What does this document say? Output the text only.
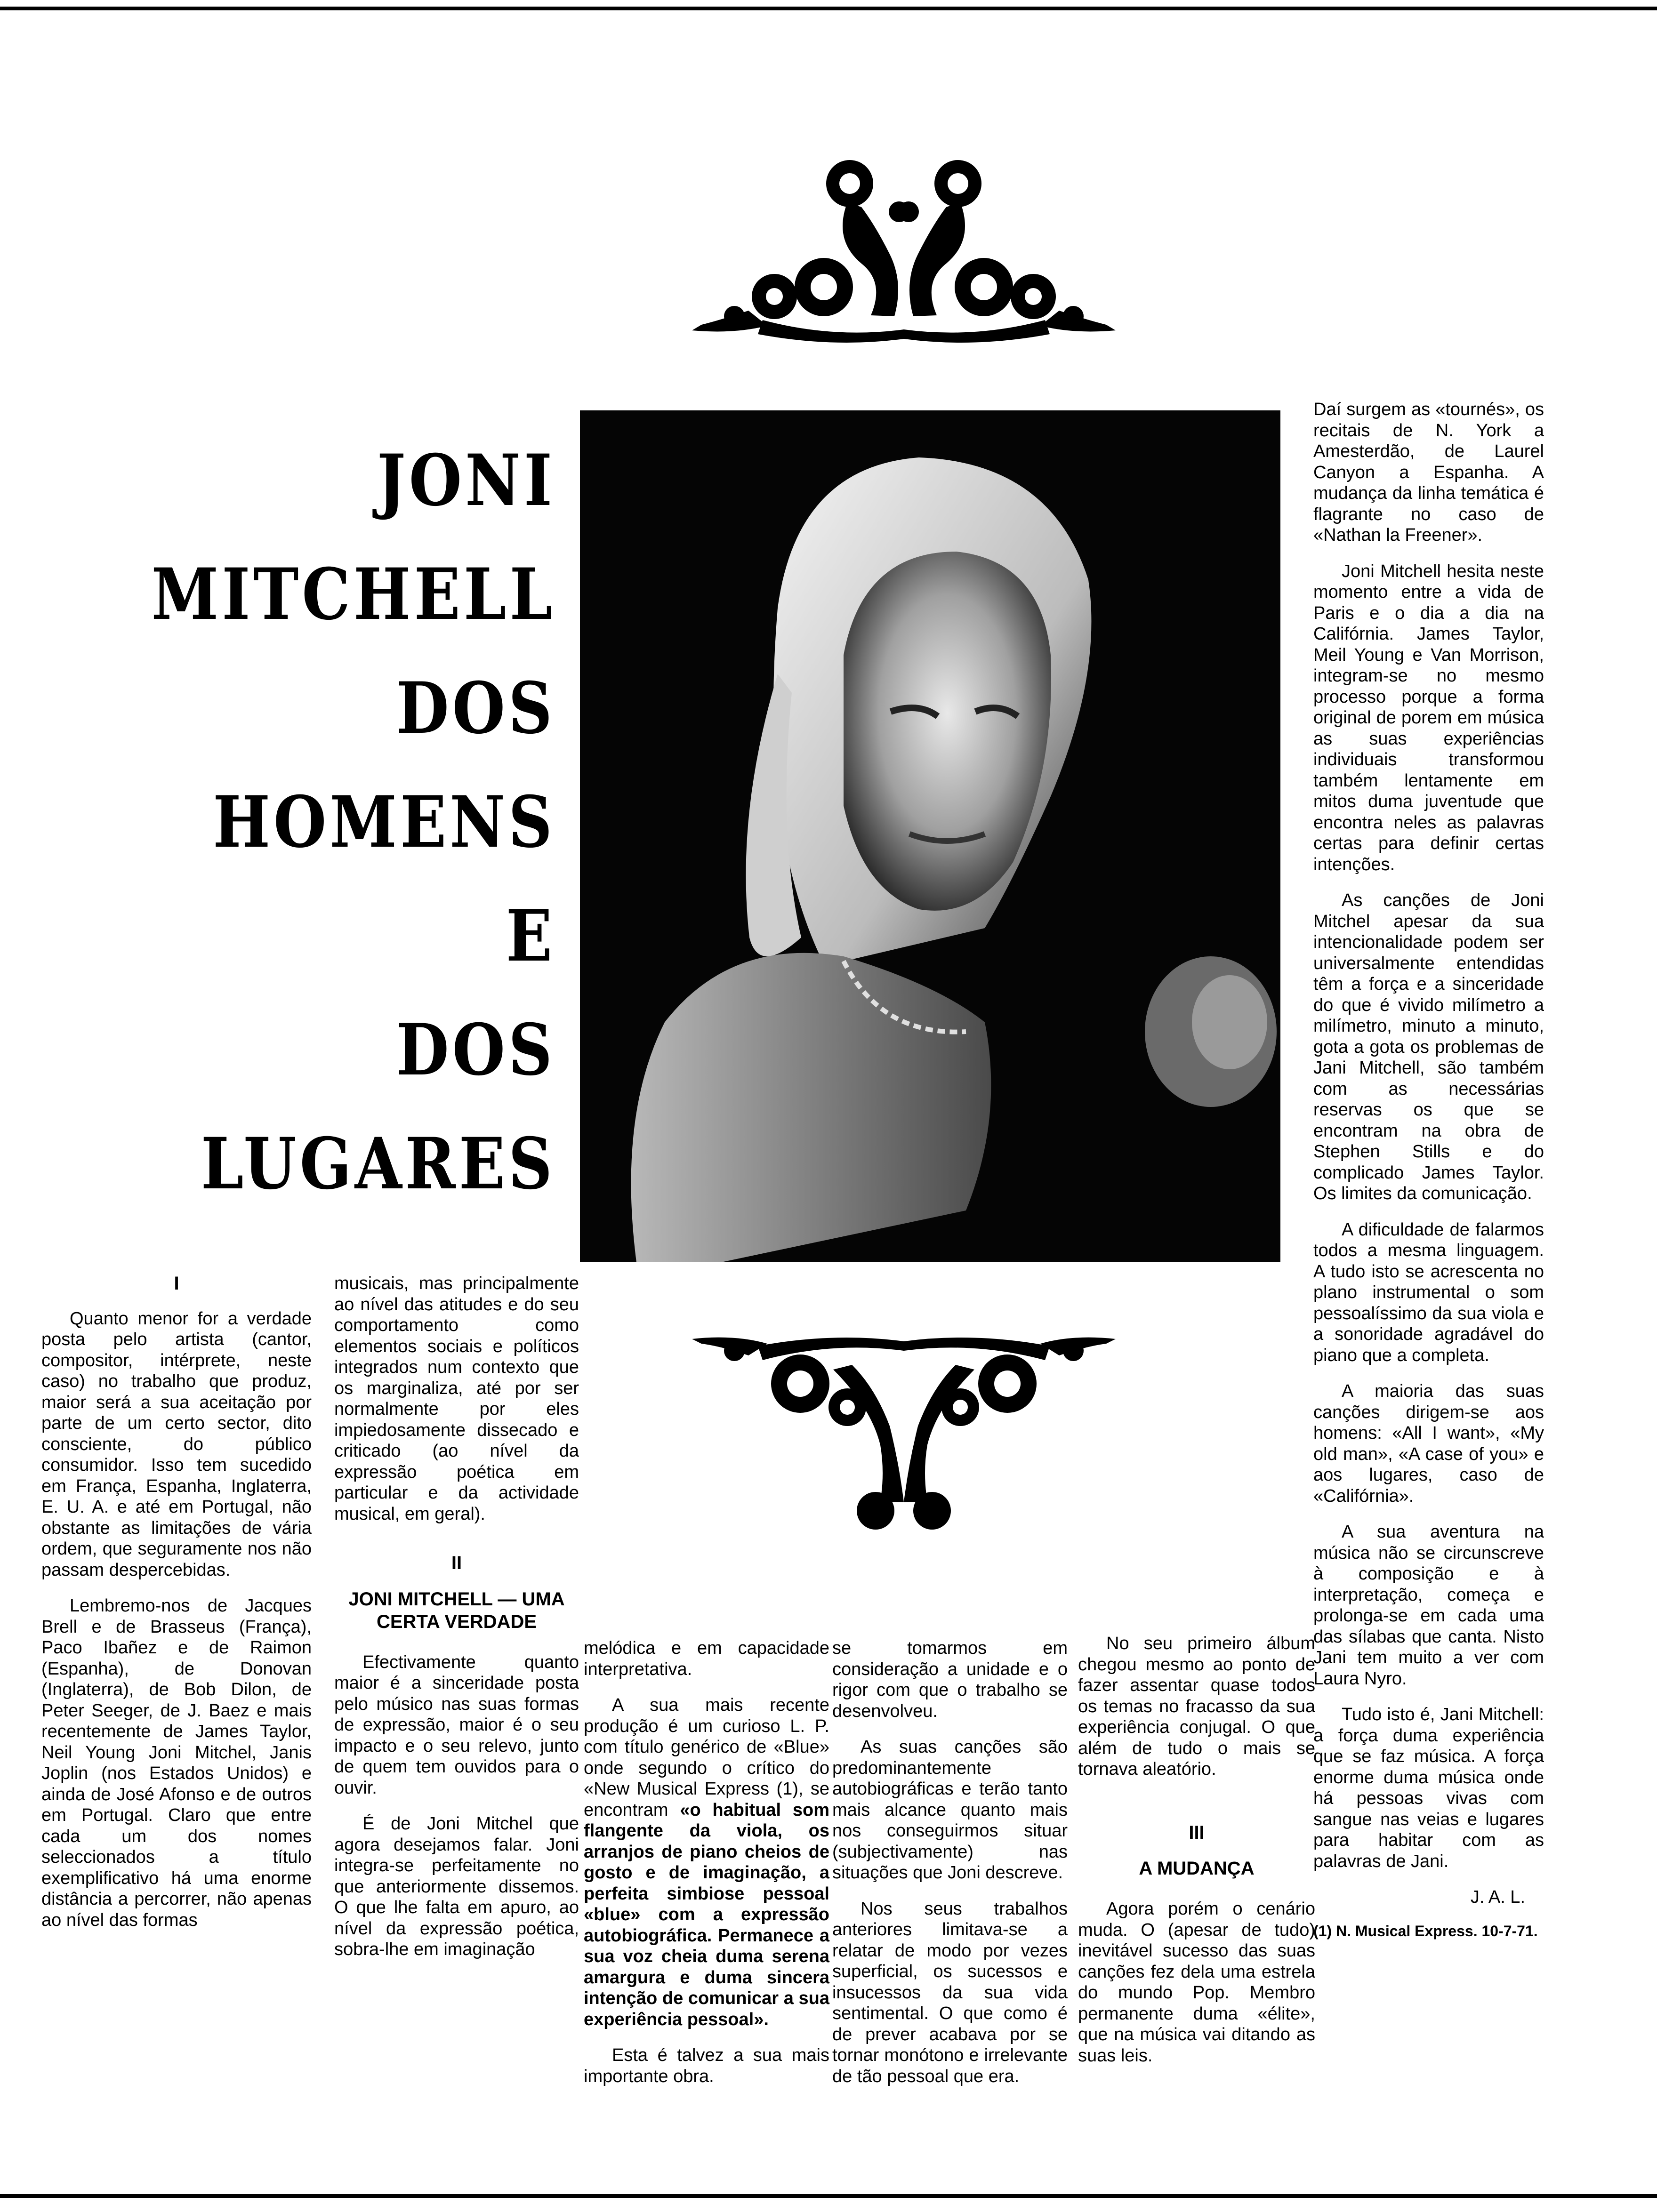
JONI
MITCHELL
DOS
HOMENS
E
DOS
LUGARES
I

Quanto menor for a verdade posta pelo artista (cantor, compositor, intérprete, neste caso) no trabalho que produz, maior será a sua aceitação por parte de um certo sector, dito consciente, do público consumidor. Isso tem sucedido em França, Espanha, Inglaterra, E. U. A. e até em Portugal, não obstante as limitações de vária ordem, que seguramente nos não passam despercebidas.

Lembremo-nos de Jacques Brell e de Brasseus (França), Paco Ibañez e de Raimon (Espanha), de Donovan (Inglaterra), de Bob Dilon, de Peter Seeger, de J. Baez e mais recentemente de James Taylor, Neil Young Joni Mitchel, Janis Joplin (nos Estados Unidos) e ainda de José Afonso e de outros em Portugal. Claro que entre cada um dos nomes seleccionados a título exemplificativo há uma enorme distância a percorrer, não apenas ao nível das formas

musicais, mas principalmente ao nível das atitudes e do seu comportamento como elementos sociais e políticos integrados num contexto que os marginaliza, até por ser normalmente por eles impiedosamente dissecado e criticado (ao nível da expressão poética em particular e da actividade musical, em geral).

II
JONI MITCHELL — UMA CERTA VERDADE

Efectivamente quanto maior é a sinceridade posta pelo músico nas suas formas de expressão, maior é o seu impacto e o seu relevo, junto de quem tem ouvidos para o ouvir.

É de Joni Mitchel que agora desejamos falar. Joni integra-se perfeitamente no que anteriormente dissemos. O que lhe falta em apuro, ao nível da expressão poética, sobra-lhe em imaginação

melódica e em capacidade interpretativa.

A sua mais recente produção é um curioso L. P. com título genérico de «Blue» onde segundo o crítico do «New Musical Express (1), se encontram «o habitual som flangente da viola, os arranjos de piano cheios de gosto e de imaginação, a perfeita simbiose pessoal «blue» com a expressão autobiográfica. Permanece a sua voz cheia duma serena amargura e duma sincera intenção de comunicar a sua experiência pessoal».

Esta é talvez a sua mais importante obra.

se tomarmos em consideração a unidade e o rigor com que o trabalho se desenvolveu.

As suas canções são predominantemente autobiográficas e terão tanto mais alcance quanto mais nos conseguirmos situar (subjectivamente) nas situações que Joni descreve.

Nos seus trabalhos anteriores limitava-se a relatar de modo por vezes superficial, os sucessos e insucessos da sua vida sentimental. O que como é de prever acabava por se tornar monótono e irrelevante de tão pessoal que era.

No seu primeiro álbum chegou mesmo ao ponto de fazer assentar quase todos os temas no fracasso da sua experiência conjugal. O que além de tudo o mais se tornava aleatório.

III
A MUDANÇA

Agora porém o cenário muda. O (apesar de tudo) inevitável sucesso das suas canções fez dela uma estrela do mundo Pop. Membro permanente duma «élite», que na música vai ditando as suas leis.

Daí surgem as «tournés», os recitais de N. York a Amesterdão, de Laurel Canyon a Espanha. A mudança da linha temática é flagrante no caso de «Nathan la Freener».

Joni Mitchell hesita neste momento entre a vida de Paris e o dia a dia na Califórnia. James Taylor, Meil Young e Van Morrison, integram-se no mesmo processo porque a forma original de porem em música as suas experiências individuais transformou também lentamente em mitos duma juventude que encontra neles as palavras certas para definir certas intenções.

As canções de Joni Mitchel apesar da sua intencionalidade podem ser universalmente entendidas têm a força e a sinceridade do que é vivido milímetro a milímetro, minuto a minuto, gota a gota os problemas de Jani Mitchell, são também com as necessárias reservas os que se encontram na obra de Stephen Stills e do complicado James Taylor. Os limites da comunicação.

A dificuldade de falarmos todos a mesma linguagem. A tudo isto se acrescenta no plano instrumental o som pessoalíssimo da sua viola e a sonoridade agradável do piano que a completa.

A maioria das suas canções dirigem-se aos homens: «All I want», «My old man», «A case of you» e aos lugares, caso de «Califórnia».

A sua aventura na música não se circunscreve à composição e à interpretação, começa e prolonga-se em cada uma das sílabas que canta. Nisto Jani tem muito a ver com Laura Nyro.

Tudo isto é, Jani Mitchell: a força duma experiência que se faz música. A força enorme duma música onde há pessoas vivas com sangue nas veias e lugares para habitar com as palavras de Jani.

J. A. L.
(1) N. Musical Express. 10-7-71.
